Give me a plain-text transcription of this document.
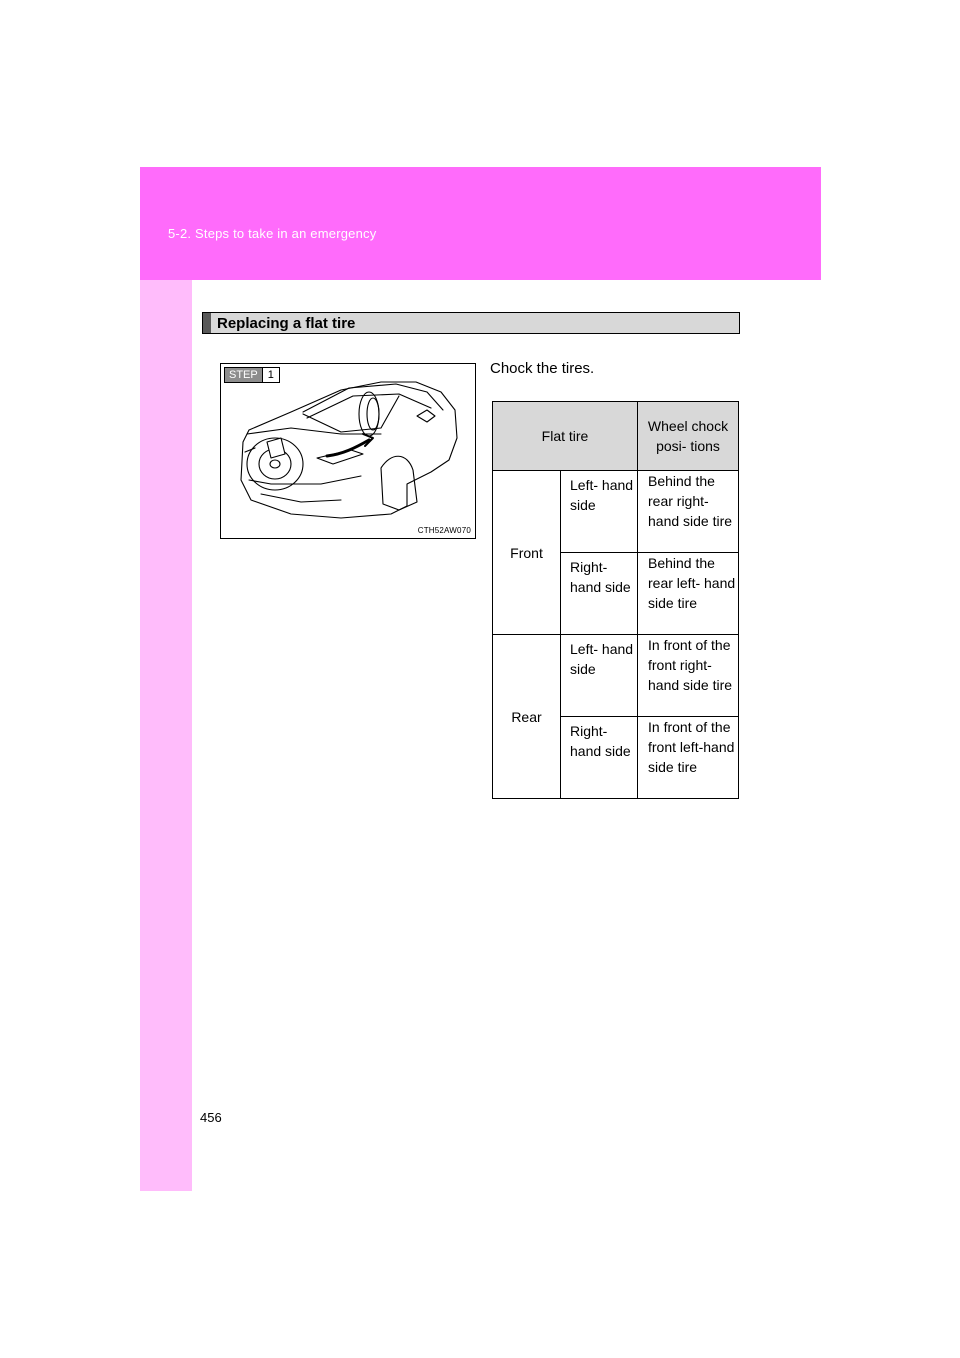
5-2. Steps to take in an emergency
Replacing a flat tire
STEP 1
CTH52AW070
Chock the tires.
Flat tire		Wheel chock posi- tions
Front	Left- hand side	Behind the rear right- hand side tire
	Right- hand side	Behind the rear left- hand side tire
Rear	Left- hand side	In front of the front right-hand side tire
	Right- hand side	In front of the front left-hand side tire
456
